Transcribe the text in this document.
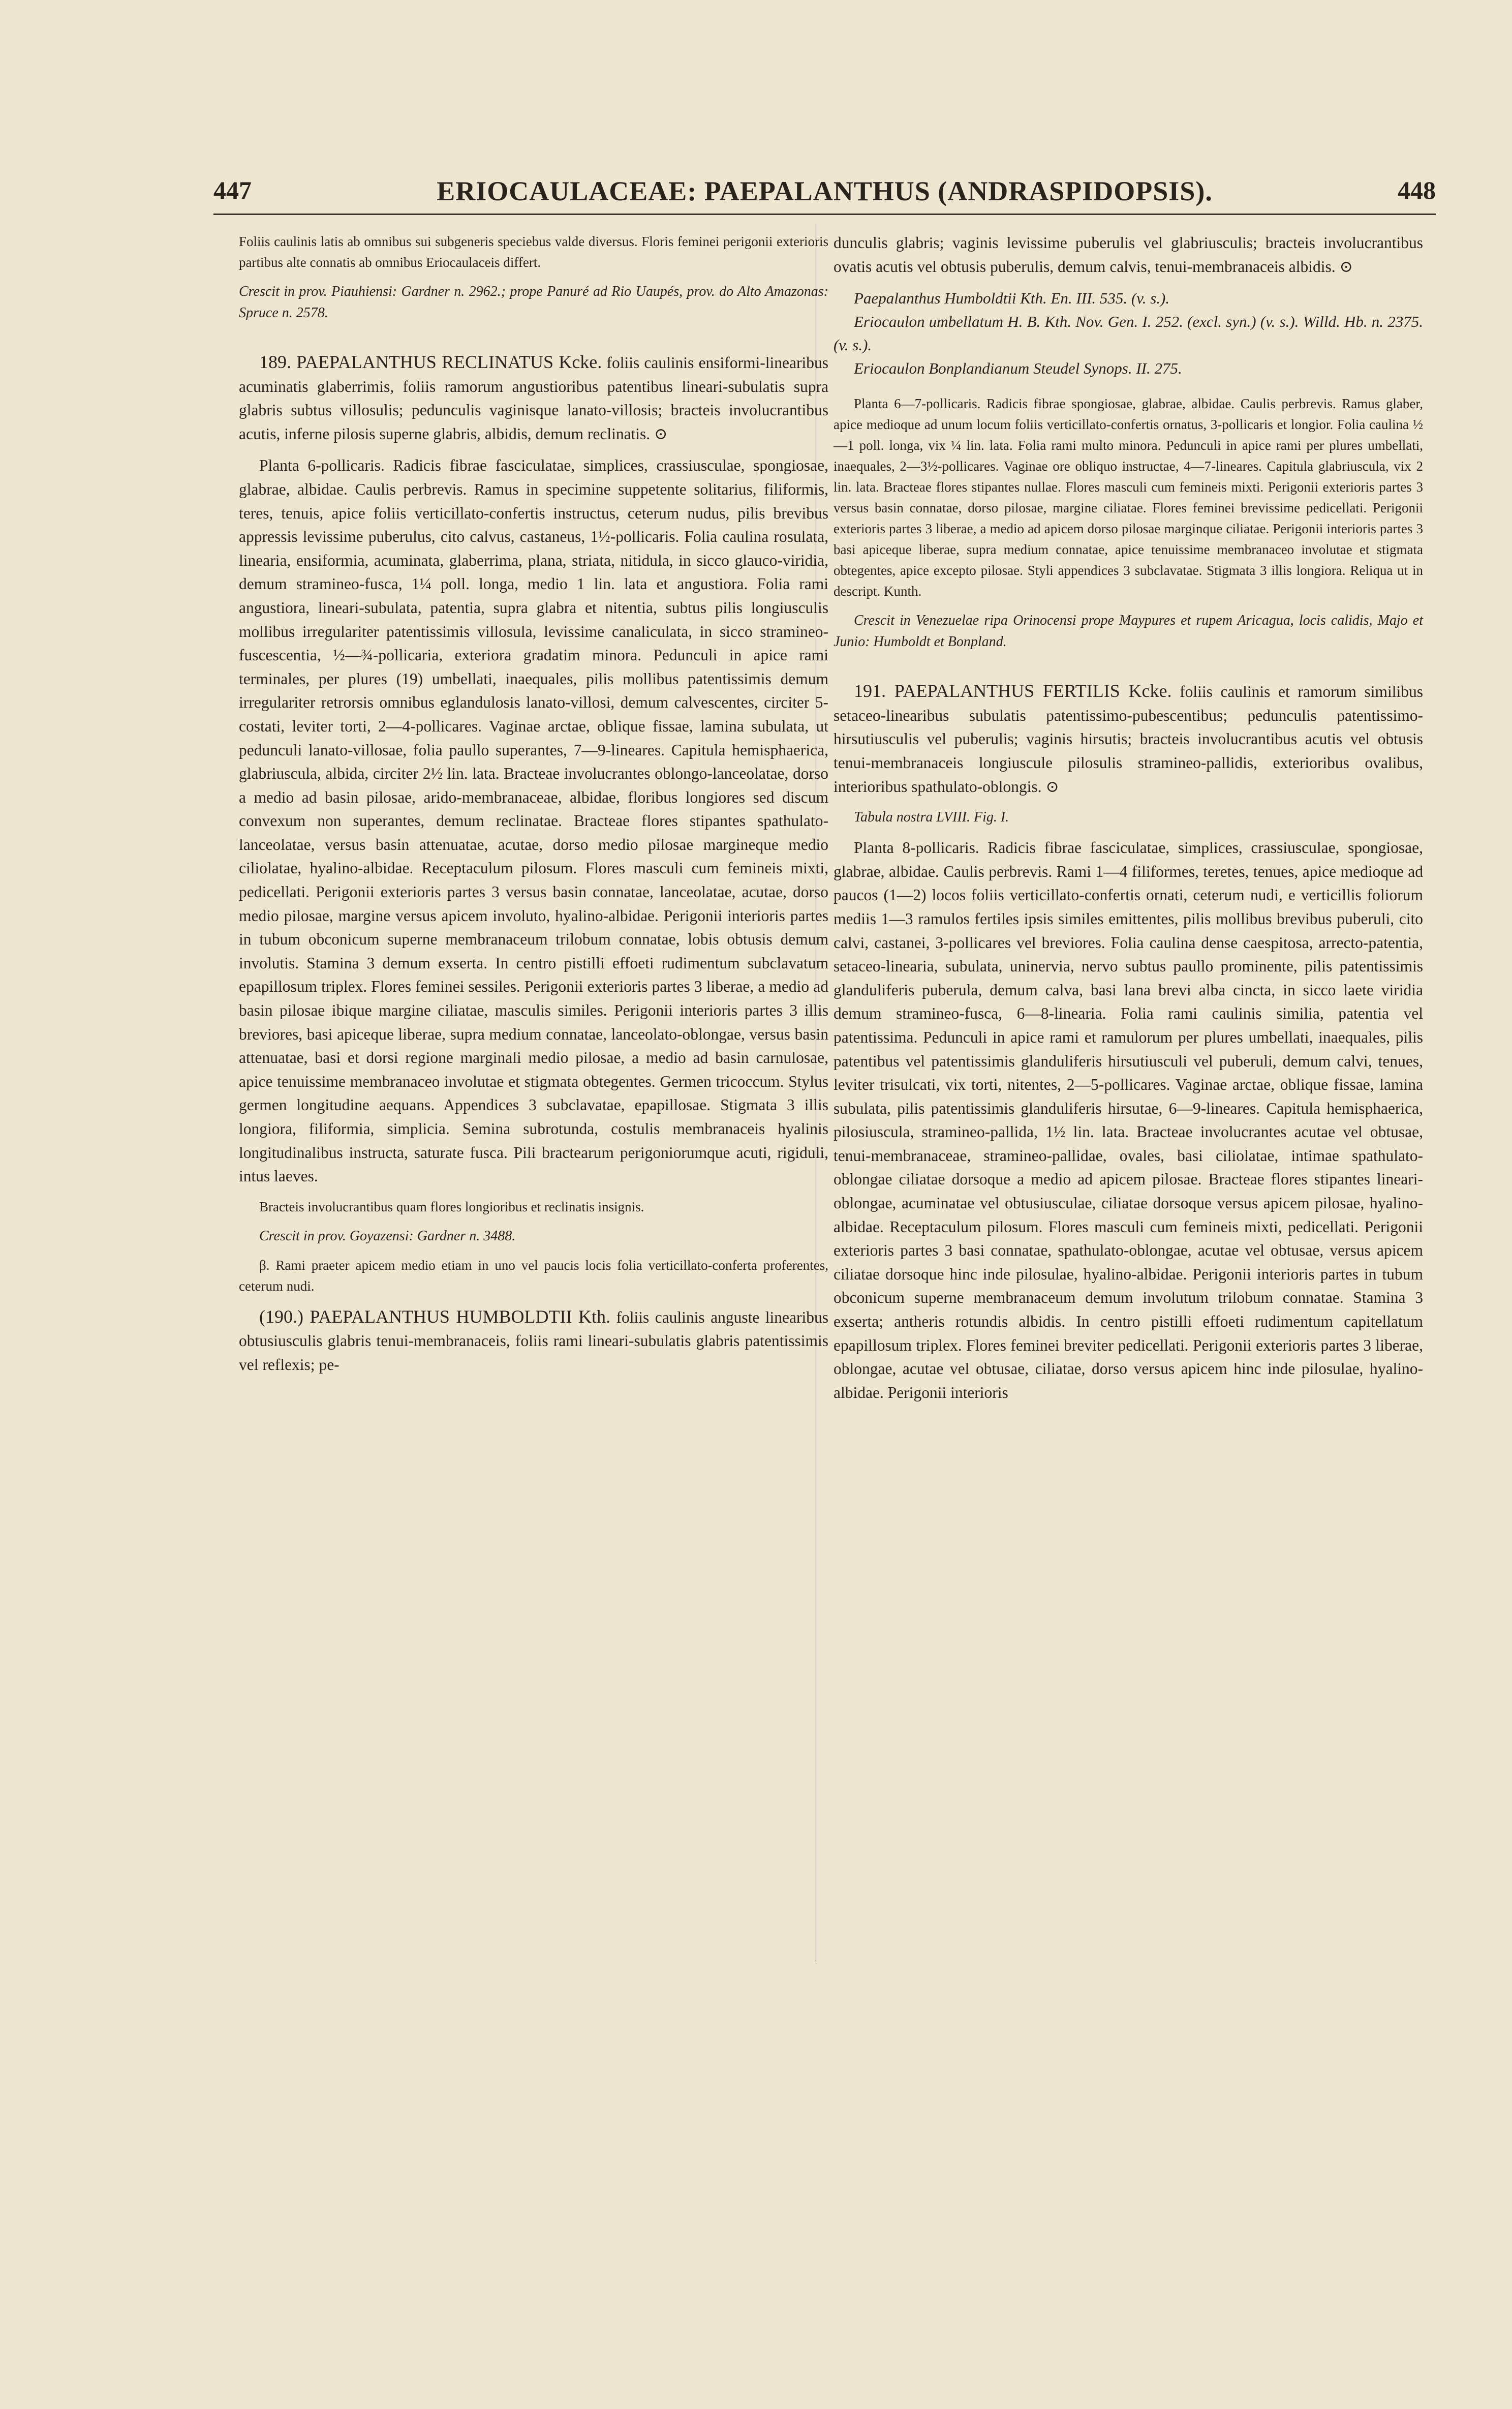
447	ERIOCAULACEAE: PAEPALANTHUS (ANDRASPIDOPSIS).	448

Foliis caulinis latis ab omnibus sui subgeneris speciebus valde diversus. Floris feminei perigonii exterioris partibus alte connatis ab omnibus Eriocaulaceis differt.

Crescit in prov. Piauhiensi: Gardner n. 2962.; prope Panuré ad Rio Uaupés, prov. do Alto Amazonas: Spruce n. 2578.

189. PAEPALANTHUS RECLINATUS Kcke. foliis caulinis ensiformi-linearibus acuminatis glaberrimis, foliis ramorum angustioribus patentibus lineari-subulatis supra glabris subtus villosulis; pedunculis vaginisque lanato-villosis; bracteis involucrantibus acutis, inferne pilosis superne glabris, albidis, demum reclinatis. ⊙

Planta 6-pollicaris. Radicis fibrae fasciculatae, simplices, crassiusculae, spongiosae, glabrae, albidae. Caulis perbrevis. Ramus in specimine suppetente solitarius, filiformis, teres, tenuis, apice foliis verticillato-confertis instructus, ceterum nudus, pilis brevibus appressis levissime puberulus, cito calvus, castaneus, 1½-pollicaris. Folia caulina rosulata, linearia, ensiformia, acuminata, glaberrima, plana, striata, nitidula, in sicco glauco-viridia, demum stramineo-fusca, 1¼ poll. longa, medio 1 lin. lata et angustiora. Folia rami angustiora, lineari-subulata, patentia, supra glabra et nitentia, subtus pilis longiusculis mollibus irregulariter patentissimis villosula, levissime canaliculata, in sicco stramineo-fuscescentia, ½—¾-pollicaria, exteriora gradatim minora. Pedunculi in apice rami terminales, per plures (19) umbellati, inaequales, pilis mollibus patentissimis demum irregulariter retrorsis omnibus eglandulosis lanato-villosi, demum calvescentes, circiter 5-costati, leviter torti, 2—4-pollicares. Vaginae arctae, oblique fissae, lamina subulata, ut pedunculi lanato-villosae, folia paullo superantes, 7—9-lineares. Capitula hemisphaerica, glabriuscula, albida, circiter 2½ lin. lata. Bracteae involucrantes oblongo-lanceolatae, dorso a medio ad basin pilosae, arido-membranaceae, albidae, floribus longiores sed discum convexum non superantes, demum reclinatae. Bracteae flores stipantes spathulato-lanceolatae, versus basin attenuatae, acutae, dorso medio pilosae margineque medio ciliolatae, hyalino-albidae. Receptaculum pilosum. Flores masculi cum femineis mixti, pedicellati. Perigonii exterioris partes 3 versus basin connatae, lanceolatae, acutae, dorso medio pilosae, margine versus apicem involuto, hyalino-albidae. Perigonii interioris partes in tubum obconicum superne membranaceum trilobum connatae, lobis obtusis demum involutis. Stamina 3 demum exserta. In centro pistilli effoeti rudimentum subclavatum epapillosum triplex. Flores feminei sessiles. Perigonii exterioris partes 3 liberae, a medio ad basin pilosae ibique margine ciliatae, masculis similes. Perigonii interioris partes 3 illis breviores, basi apiceque liberae, supra medium connatae, lanceolato-oblongae, versus basin attenuatae, basi et dorsi regione marginali medio pilosae, a medio ad basin carnulosae, apice tenuissime membranaceo involutae et stigmata obtegentes. Germen tricoccum. Stylus germen longitudine aequans. Appendices 3 subclavatae, epapillosae. Stigmata 3 illis longiora, filiformia, simplicia. Semina subrotunda, costulis membranaceis hyalinis longitudinalibus instructa, saturate fusca. Pili bractearum perigoniorumque acuti, rigiduli, intus laeves.

Bracteis involucrantibus quam flores longioribus et reclinatis insignis.

Crescit in prov. Goyazensi: Gardner n. 3488.

β. Rami praeter apicem medio etiam in uno vel paucis locis folia verticillato-conferta proferentes, ceterum nudi.

(190.) PAEPALANTHUS HUMBOLDTII Kth. foliis caulinis anguste linearibus obtusiusculis glabris tenui-membranaceis, foliis rami lineari-subulatis glabris patentissimis vel reflexis; pe-

dunculis glabris; vaginis levissime puberulis vel glabriusculis; bracteis involucrantibus ovatis acutis vel obtusis puberulis, demum calvis, tenui-membranaceis albidis. ⊙

Paepalanthus Humboldtii Kth. En. III. 535. (v. s.).

Eriocaulon umbellatum H. B. Kth. Nov. Gen. I. 252. (excl. syn.) (v. s.). Willd. Hb. n. 2375. (v. s.).

Eriocaulon Bonplandianum Steudel Synops. II. 275.

Planta 6—7-pollicaris. Radicis fibrae spongiosae, glabrae, albidae. Caulis perbrevis. Ramus glaber, apice medioque ad unum locum foliis verticillato-confertis ornatus, 3-pollicaris et longior. Folia caulina ½—1 poll. longa, vix ¼ lin. lata. Folia rami multo minora. Pedunculi in apice rami per plures umbellati, inaequales, 2—3½-pollicares. Vaginae ore obliquo instructae, 4—7-lineares. Capitula glabriuscula, vix 2 lin. lata. Bracteae flores stipantes nullae. Flores masculi cum femineis mixti. Perigonii exterioris partes 3 versus basin connatae, dorso pilosae, margine ciliatae. Flores feminei brevissime pedicellati. Perigonii exterioris partes 3 liberae, a medio ad apicem dorso pilosae marginque ciliatae. Perigonii interioris partes 3 basi apiceque liberae, supra medium connatae, apice tenuissime membranaceo involutae et stigmata obtegentes, apice excepto pilosae. Styli appendices 3 subclavatae. Stigmata 3 illis longiora. Reliqua ut in descript. Kunth.

Crescit in Venezuelae ripa Orinocensi prope Maypures et rupem Aricagua, locis calidis, Majo et Junio: Humboldt et Bonpland.

191. PAEPALANTHUS FERTILIS Kcke. foliis caulinis et ramorum similibus setaceo-linearibus subulatis patentissimo-pubescentibus; pedunculis patentissimo-hirsutiusculis vel puberulis; vaginis hirsutis; bracteis involucrantibus acutis vel obtusis tenui-membranaceis longiuscule pilosulis stramineo-pallidis, exterioribus ovalibus, interioribus spathulato-oblongis. ⊙

Tabula nostra LVIII. Fig. I.

Planta 8-pollicaris. Radicis fibrae fasciculatae, simplices, crassiusculae, spongiosae, glabrae, albidae. Caulis perbrevis. Rami 1—4 filiformes, teretes, tenues, apice medioque ad paucos (1—2) locos foliis verticillato-confertis ornati, ceterum nudi, e verticillis foliorum mediis 1—3 ramulos fertiles ipsis similes emittentes, pilis mollibus brevibus puberuli, cito calvi, castanei, 3-pollicares vel breviores. Folia caulina dense caespitosa, arrecto-patentia, setaceo-linearia, subulata, uninervia, nervo subtus paullo prominente, pilis patentissimis glanduliferis puberula, demum calva, basi lana brevi alba cincta, in sicco laete viridia demum stramineo-fusca, 6—8-linearia. Folia rami caulinis similia, patentia vel patentissima. Pedunculi in apice rami et ramulorum per plures umbellati, inaequales, pilis patentibus vel patentissimis glanduliferis hirsutiusculi vel puberuli, demum calvi, tenues, leviter trisulcati, vix torti, nitentes, 2—5-pollicares. Vaginae arctae, oblique fissae, lamina subulata, pilis patentissimis glanduliferis hirsutae, 6—9-lineares. Capitula hemisphaerica, pilosiuscula, stramineo-pallida, 1½ lin. lata. Bracteae involucrantes acutae vel obtusae, tenui-membranaceae, stramineo-pallidae, ovales, basi ciliolatae, intimae spathulato-oblongae ciliatae dorsoque a medio ad apicem pilosae. Bracteae flores stipantes lineari-oblongae, acuminatae vel obtusiusculae, ciliatae dorsoque versus apicem pilosae, hyalino-albidae. Receptaculum pilosum. Flores masculi cum femineis mixti, pedicellati. Perigonii exterioris partes 3 basi connatae, spathulato-oblongae, acutae vel obtusae, versus apicem ciliatae dorsoque hinc inde pilosulae, hyalino-albidae. Perigonii interioris partes in tubum obconicum superne membranaceum demum involutum trilobum connatae. Stamina 3 exserta; antheris rotundis albidis. In centro pistilli effoeti rudimentum capitellatum epapillosum triplex. Flores feminei breviter pedicellati. Perigonii exterioris partes 3 liberae, oblongae, acutae vel obtusae, ciliatae, dorso versus apicem hinc inde pilosulae, hyalino-albidae. Perigonii interioris
